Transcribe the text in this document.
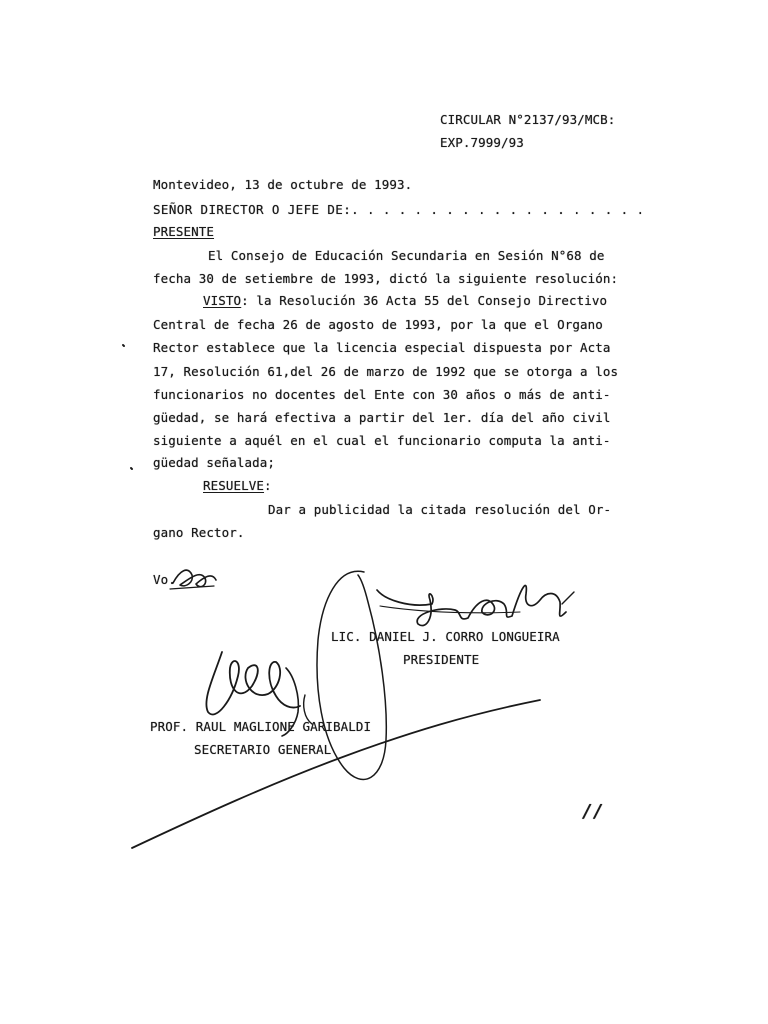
CIRCULAR N°2137/93/MCB:
EXP.7999/93
Montevideo, 13 de octubre de 1993.
SEÑOR DIRECTOR O JEFE DE:. . . . . . . . . . . . . . . . . . .
PRESENTE
El Consejo de Educación Secundaria en Sesión N°68 de
fecha 30 de setiembre de 1993, dictó la siguiente resolución:
VISTO: la Resolución 36 Acta 55 del Consejo Directivo
Central de fecha 26 de agosto de 1993, por la que el Organo
Rector establece que la licencia especial dispuesta por Acta
17, Resolución 61,del 26 de marzo de 1992 que se otorga a los
funcionarios no docentes del Ente con 30 años o más de anti-
güedad, se hará efectiva a partir del 1er. día del año civil
siguiente a aquél en el cual el funcionario computa la anti-
güedad señalada;
RESUELVE:
Dar a publicidad la citada resolución del Or-
gano Rector.
Vo.
LIC. DANIEL J. CORRO LONGUEIRA
PRESIDENTE
PROF. RAUL MAGLIONE GARIBALDI
SECRETARIO GENERAL
//
